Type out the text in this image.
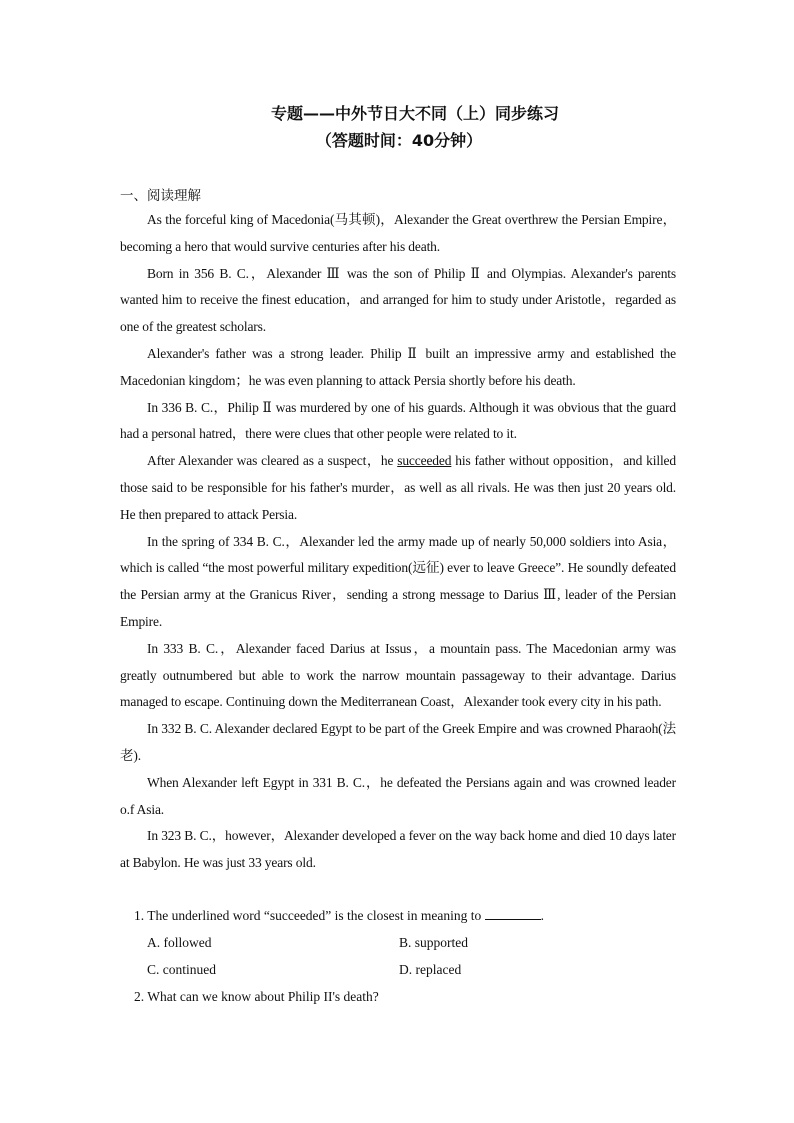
专题——中外节日大不同（上）同步练习
（答题时间：40分钟）
一、阅读理解

As the forceful king of Macedonia(马其顿)，Alexander the Great overthrew the Persian Empire，becoming a hero that would survive centuries after his death.

Born in 356 B. C.，Alexander Ⅲ was the son of Philip Ⅱ and Olympias. Alexander's parents wanted him to receive the finest education，and arranged for him to study under Aristotle，regarded as one of the greatest scholars.

Alexander's father was a strong leader. Philip Ⅱ built an impressive army and established the Macedonian kingdom；he was even planning to attack Persia shortly before his death.

In 336 B. C.，Philip Ⅱ was murdered by one of his guards. Although it was obvious that the guard had a personal hatred，there were clues that other people were related to it.

After Alexander was cleared as a suspect，he succeeded his father without opposition，and killed those said to be responsible for his father's murder，as well as all rivals. He was then just 20 years old. He then prepared to attack Persia.

In the spring of 334 B. C.，Alexander led the army made up of nearly 50,000 soldiers into Asia，which is called “the most powerful military expedition(远征) ever to leave Greece”. He soundly defeated the Persian army at the Granicus River，sending a strong message to Darius Ⅲ, leader of the Persian Empire.

In 333 B. C.，Alexander faced Darius at Issus，a mountain pass. The Macedonian army was greatly outnumbered but able to work the narrow mountain passageway to their advantage. Darius managed to escape. Continuing down the Mediterranean Coast，Alexander took every city in his path.

In 332 B. C. Alexander declared Egypt to be part of the Greek Empire and was crowned Pharaoh(法老).

When Alexander left Egypt in 331 B. C.，he defeated the Persians again and was crowned leader o.f Asia.

In 323 B. C.，however，Alexander developed a fever on the way back home and died 10 days later at Babylon. He was just 33 years old.

1. The underlined word “succeeded” is the closest in meaning to	.
A. followed	B. supported
C. continued	D. replaced
2. What can we know about Philip II's death?
